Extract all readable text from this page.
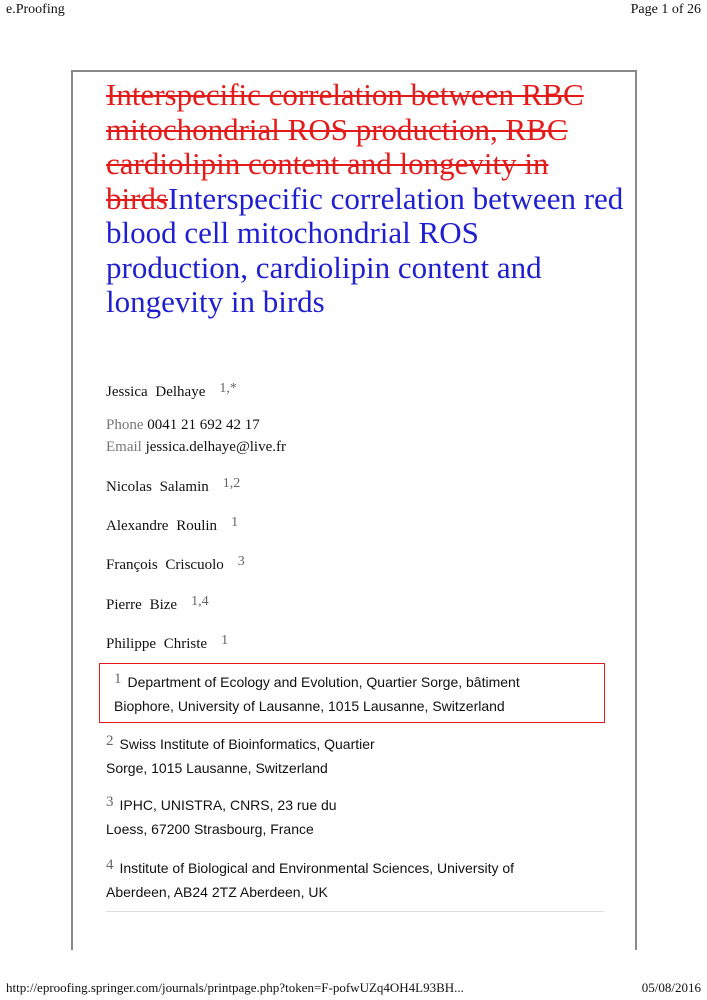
e.Proofing	Page 1 of 26
Interspecific correlation between RBC mitochondrial ROS production, RBC cardiolipin content and longevity in birdsInterspecific correlation between red blood cell mitochondrial ROS production, cardiolipin content and longevity in birds
Jessica Delhaye $^{1,*}$
Phone 0041 21 692 42 17
Email jessica.delhaye@live.fr
Nicolas Salamin $^{1,2}$
Alexandre Roulin $^1$
François Criscuolo $^3$
Pierre Bize $^{1,4}$
Philippe Christe $^1$
1 Department of Ecology and Evolution, Quartier Sorge, bâtiment
Biophore, University of Lausanne, 1015 Lausanne, Switzerland
2 Swiss Institute of Bioinformatics, Quartier
Sorge, 1015 Lausanne, Switzerland
3 IPHC, UNISTRA, CNRS, 23 rue du
Loess, 67200 Strasbourg, France
4 Institute of Biological and Environmental Sciences, University of
Aberdeen, AB24 2TZ Aberdeen, UK
http://eproofing.springer.com/journals/printpage.php?token=F-pofwUZq4OH4L93BH...	05/08/2016
